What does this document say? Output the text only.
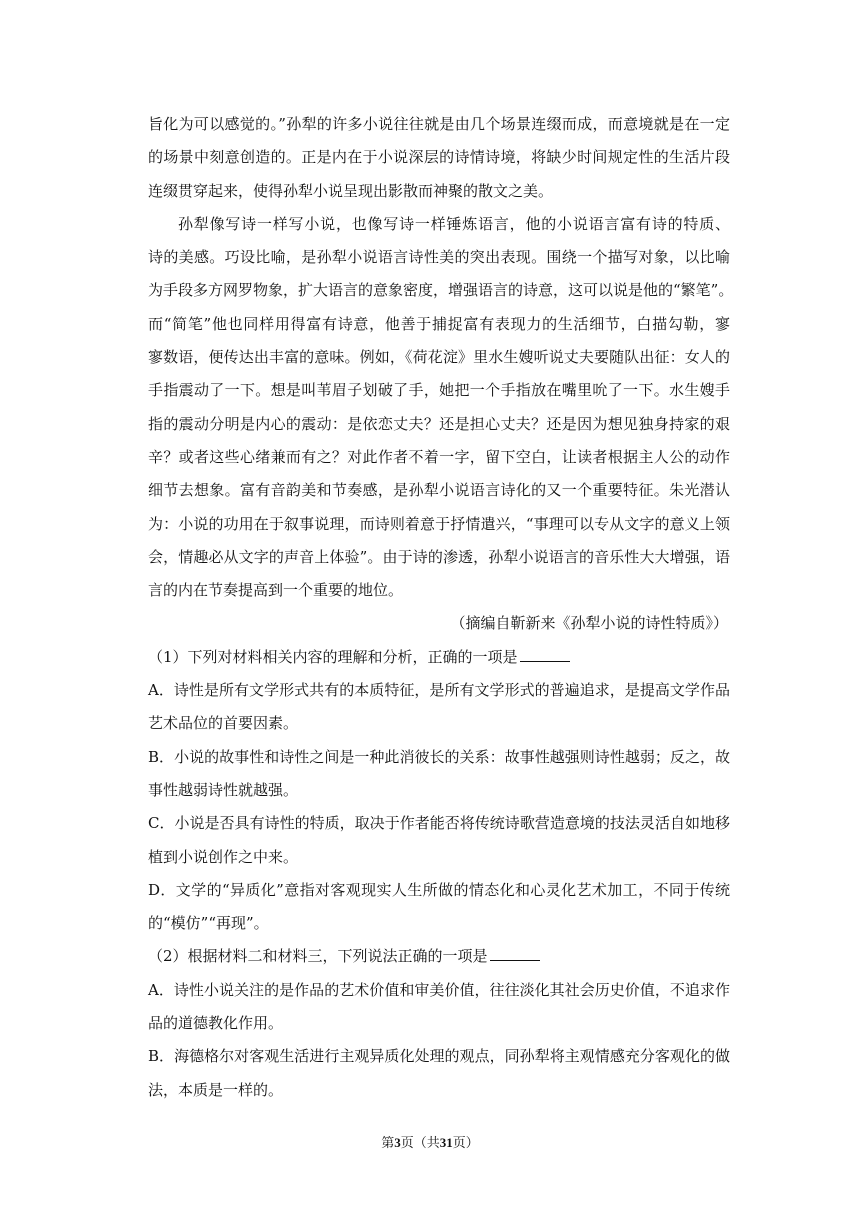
旨化为可以感觉的。”孙犁的许多小说往往就是由几个场景连缀而成，而意境就是在一定
的场景中刻意创造的。正是内在于小说深层的诗情诗境，将缺少时间规定性的生活片段
连缀贯穿起来，使得孙犁小说呈现出影散而神聚的散文之美。
孙犁像写诗一样写小说，也像写诗一样锤炼语言，他的小说语言富有诗的特质、
诗的美感。巧设比喻，是孙犁小说语言诗性美的突出表现。围绕一个描写对象，以比喻
为手段多方网罗物象，扩大语言的意象密度，增强语言的诗意，这可以说是他的“繁笔”。
而“简笔”他也同样用得富有诗意，他善于捕捉富有表现力的生活细节，白描勾勒，寥
寥数语，便传达出丰富的意味。例如，《荷花淀》里水生嫂听说丈夫要随队出征：女人的
手指震动了一下。想是叫苇眉子划破了手，她把一个手指放在嘴里吮了一下。水生嫂手
指的震动分明是内心的震动：是依恋丈夫？还是担心丈夫？还是因为想见独身持家的艰
辛？或者这些心绪兼而有之？对此作者不着一字，留下空白，让读者根据主人公的动作
细节去想象。富有音韵美和节奏感，是孙犁小说语言诗化的又一个重要特征。朱光潜认
为：小说的功用在于叙事说理，而诗则着意于抒情遣兴，“事理可以专从文字的意义上领
会，情趣必从文字的声音上体验”。由于诗的渗透，孙犁小说语言的音乐性大大增强，语
言的内在节奏提高到一个重要的地位。
（摘编自靳新来《孙犁小说的诗性特质》）
（1）下列对材料相关内容的理解和分析，正确的一项是
A．诗性是所有文学形式共有的本质特征，是所有文学形式的普遍追求，是提高文学作品
艺术品位的首要因素。
B．小说的故事性和诗性之间是一种此消彼长的关系：故事性越强则诗性越弱；反之，故
事性越弱诗性就越强。
C．小说是否具有诗性的特质，取决于作者能否将传统诗歌营造意境的技法灵活自如地移
植到小说创作之中来。
D．文学的“异质化”意指对客观现实人生所做的情态化和心灵化艺术加工，不同于传统
的“模仿”“再现”。
（2）根据材料二和材料三，下列说法正确的一项是
A．诗性小说关注的是作品的艺术价值和审美价值，往往淡化其社会历史价值，不追求作
品的道德教化作用。
B．海德格尔对客观生活进行主观异质化处理的观点，同孙犁将主观情感充分客观化的做
法，本质是一样的。
第3页（共31页）
